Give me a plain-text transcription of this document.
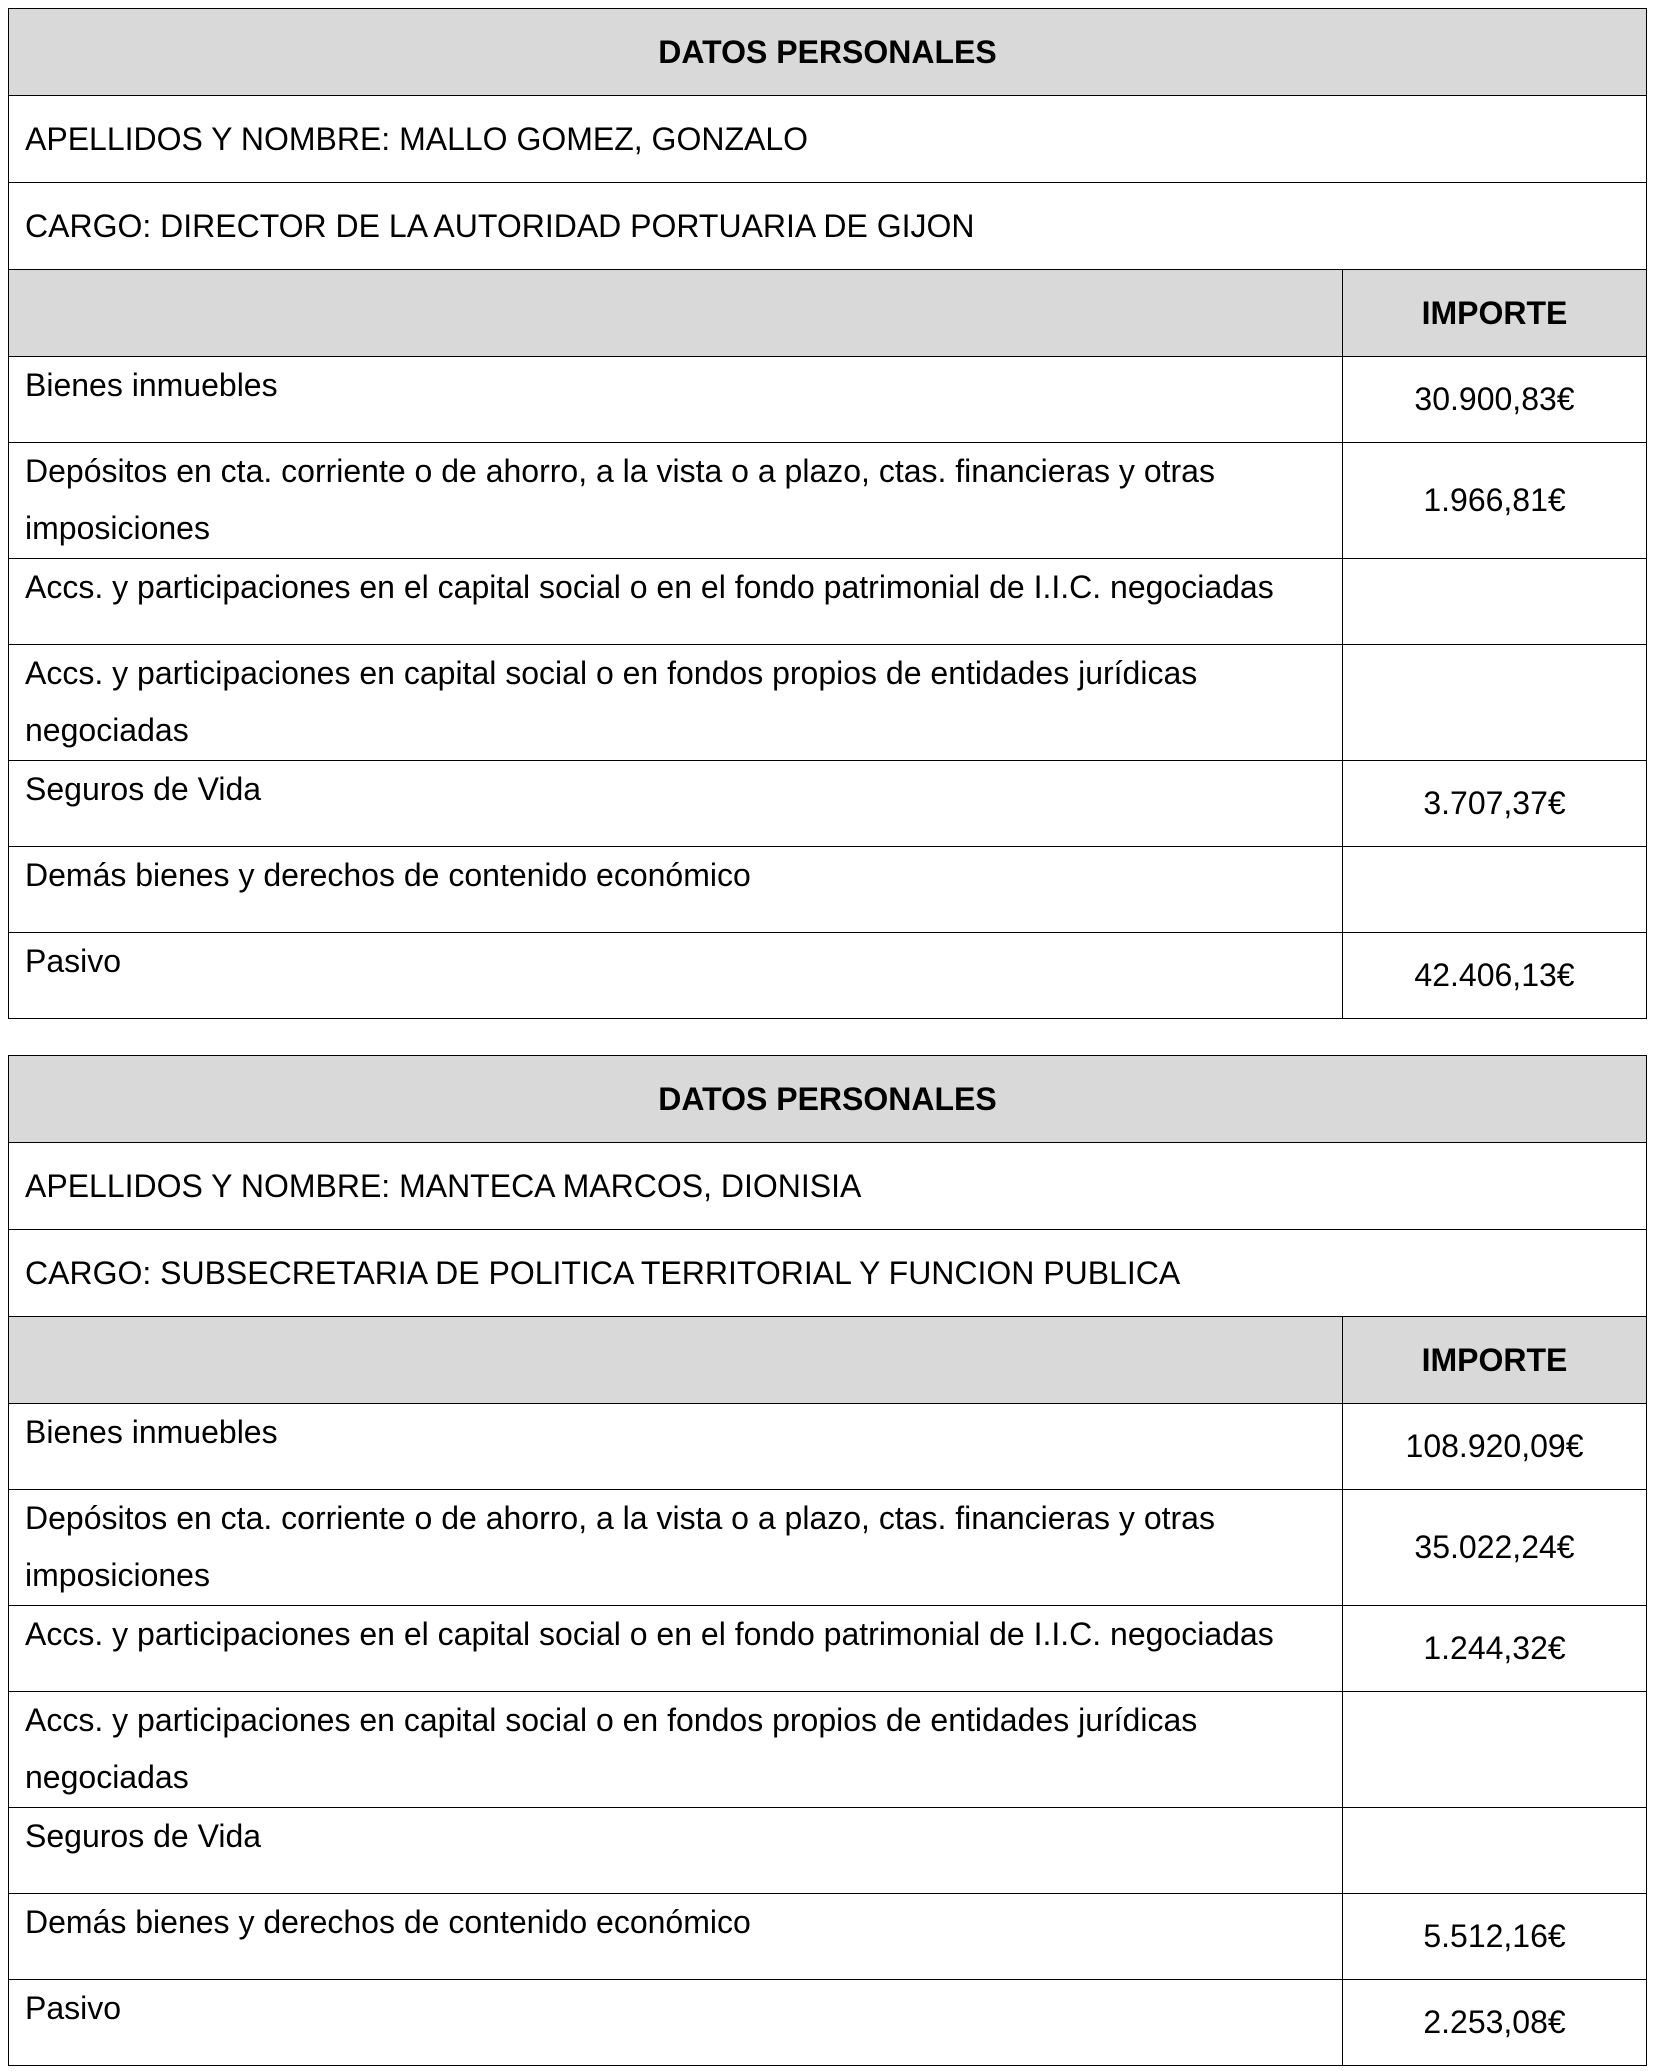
DATOS PERSONALES	
APELLIDOS Y NOMBRE: MALLO GOMEZ, GONZALO	
CARGO: DIRECTOR DE LA AUTORIDAD PORTUARIA DE GIJON	
	IMPORTE
Bienes inmuebles	30.900,83€
Depósitos en cta. corriente o de ahorro, a la vista o a plazo, ctas. financieras y otras imposiciones	1.966,81€
Accs. y participaciones en el capital social o en el fondo patrimonial de I.I.C. negociadas	
Accs. y participaciones en capital social o en fondos propios de entidades jurídicas negociadas	
Seguros de Vida	3.707,37€
Demás bienes y derechos de contenido económico	
Pasivo	42.406,13€
DATOS PERSONALES	
APELLIDOS Y NOMBRE: MANTECA MARCOS, DIONISIA	
CARGO: SUBSECRETARIA DE POLITICA TERRITORIAL Y FUNCION PUBLICA	
	IMPORTE
Bienes inmuebles	108.920,09€
Depósitos en cta. corriente o de ahorro, a la vista o a plazo, ctas. financieras y otras imposiciones	35.022,24€
Accs. y participaciones en el capital social o en el fondo patrimonial de I.I.C. negociadas	1.244,32€
Accs. y participaciones en capital social o en fondos propios de entidades jurídicas negociadas	
Seguros de Vida	
Demás bienes y derechos de contenido económico	5.512,16€
Pasivo	2.253,08€
